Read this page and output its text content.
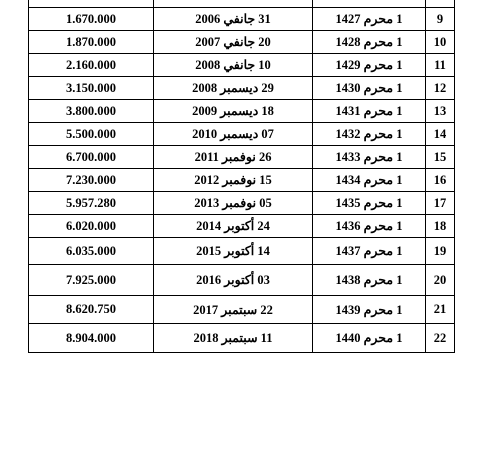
9	1 محرم 1427	31 جانفي 2006	1.670.000
10	1 محرم 1428	20 جانفي 2007	1.870.000
11	1 محرم 1429	10 جانفي 2008	2.160.000
12	1 محرم 1430	29 ديسمبر 2008	3.150.000
13	1 محرم 1431	18 ديسمبر 2009	3.800.000
14	1 محرم 1432	07 ديسمبر 2010	5.500.000
15	1 محرم 1433	26 نوفمبر 2011	6.700.000
16	1 محرم 1434	15 نوفمبر 2012	7.230.000
17	1 محرم 1435	05 نوفمبر 2013	5.957.280
18	1 محرم 1436	24 أكتوبر 2014	6.020.000
19	1 محرم 1437	14 أكتوبر 2015	6.035.000
20	1 محرم 1438	03 أكتوبر 2016	7.925.000
21	1 محرم 1439	22 سبتمبر 2017	8.620.750
22	1 محرم 1440	11 سبتمبر 2018	8.904.000
